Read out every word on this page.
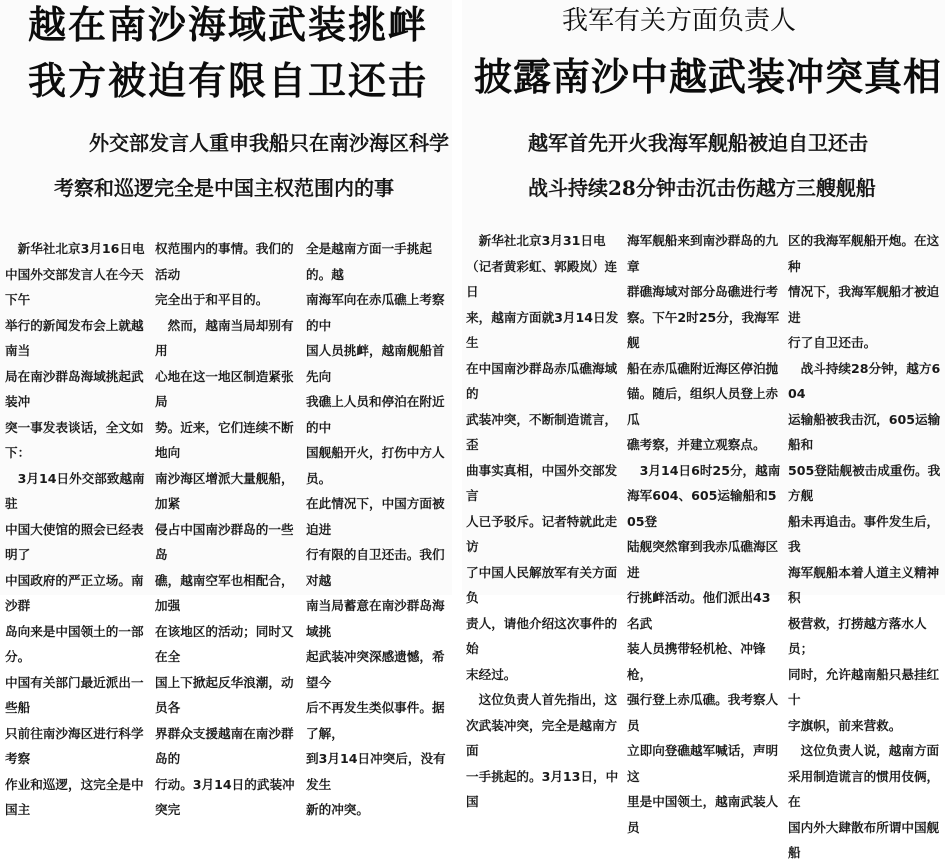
越在南沙海域武装挑衅
我方被迫有限自卫还击
外交部发言人重申我船只在南沙海区科学
考察和巡逻完全是中国主权范围内的事
　新华社北京3月16日电
中国外交部发言人在今天下午
举行的新闻发布会上就越南当
局在南沙群岛海域挑起武装冲
突一事发表谈话，全文如下：
　3月14日外交部致越南驻
中国大使馆的照会已经表明了
中国政府的严正立场。南沙群
岛向来是中国领土的一部分。
中国有关部门最近派出一些船
只前往南沙海区进行科学考察
作业和巡逻，这完全是中国主
权范围内的事情。我们的活动
完全出于和平目的。
　然而，越南当局却别有用
心地在这一地区制造紧张局
势。近来，它们连续不断地向
南沙海区增派大量舰船，加紧
侵占中国南沙群岛的一些岛
礁，越南空军也相配合，加强
在该地区的活动；同时又在全
国上下掀起反华浪潮，动员各
界群众支援越南在南沙群岛的
行动。3月14日的武装冲突完
全是越南方面一手挑起的。越
南海军向在赤瓜礁上考察的中
国人员挑衅，越南舰船首先向
我礁上人员和停泊在附近的中
国舰船开火，打伤中方人员。
在此情况下，中国方面被迫进
行有限的自卫还击。我们对越
南当局蓄意在南沙群岛海域挑
起武装冲突深感遗憾，希望今
后不再发生类似事件。据了解，
到3月14日冲突后，没有发生
新的冲突。
我军有关方面负责人
披露南沙中越武装冲突真相
越军首先开火我海军舰船被迫自卫还击
战斗持续28分钟击沉击伤越方三艘舰船
　新华社北京3月31日电
（记者黄彩虹、郭殿岚）连日
来，越南方面就3月14日发生
在中国南沙群岛赤瓜礁海域的
武装冲突，不断制造谎言，歪
曲事实真相，中国外交部发言
人已予驳斥。记者特就此走访
了中国人民解放军有关方面负
责人，请他介绍这次事件的始
末经过。
　这位负责人首先指出，这
次武装冲突，完全是越南方面
一手挑起的。3月13日，中国
海军舰船来到南沙群岛的九章
群礁海域对部分岛礁进行考
察。下午2时25分，我海军舰
船在赤瓜礁附近海区停泊抛
锚。随后，组织人员登上赤瓜
礁考察，并建立观察点。
　3月14日6时25分，越南
海军604、605运输船和505登
陆舰突然窜到我赤瓜礁海区进
行挑衅活动。他们派出43名武
装人员携带轻机枪、冲锋枪，
强行登上赤瓜礁。我考察人员
立即向登礁越军喊话，声明这
里是中国领土，越南武装人员
区的我海军舰船开炮。在这种
情况下，我海军舰船才被迫进
行了自卫还击。
　战斗持续28分钟，越方604
运输船被我击沉，605运输船和
505登陆舰被击成重伤。我方舰
船未再追击。事件发生后，我
海军舰船本着人道主义精神积
极营救，打捞越方落水人员；
同时，允许越南船只悬挂红十
字旗帜，前来营救。
　这位负责人说，越南方面
采用制造谎言的惯用伎俩，在
国内外大肆散布所谓中国舰船
